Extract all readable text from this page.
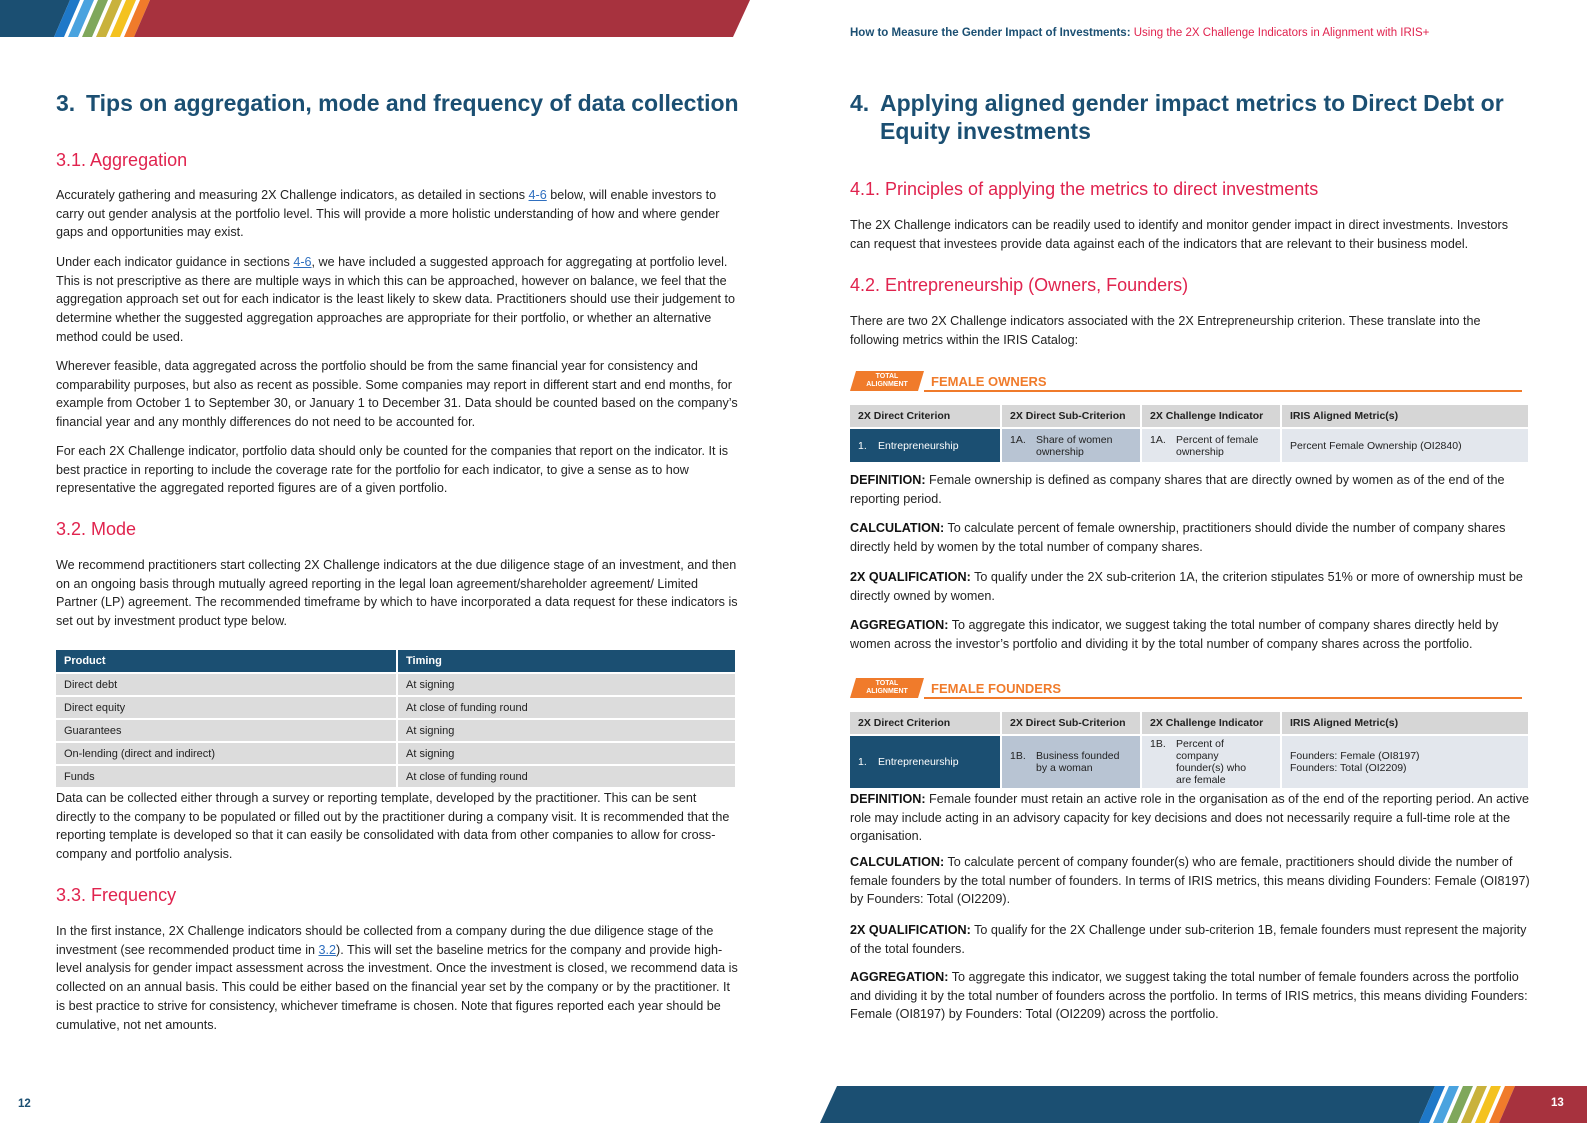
How to Measure the Gender Impact of Investments: Using the 2X Challenge Indicators in Alignment with IRIS+
3. Tips on aggregation, mode and frequency of data collection
3.1. Aggregation

Accurately gathering and measuring 2X Challenge indicators, as detailed in sections 4-6 below, will enable investors to carry out gender analysis at the portfolio level. This will provide a more holistic understanding of how and where gender gaps and opportunities may exist.

Under each indicator guidance in sections 4-6, we have included a suggested approach for aggregating at portfolio level. This is not prescriptive as there are multiple ways in which this can be approached, however on balance, we feel that the aggregation approach set out for each indicator is the least likely to skew data. Practitioners should use their judgement to determine whether the suggested aggregation approaches are appropriate for their portfolio, or whether an alternative method could be used.

Wherever feasible, data aggregated across the portfolio should be from the same financial year for consistency and comparability purposes, but also as recent as possible. Some companies may report in different start and end months, for example from October 1 to September 30, or January 1 to December 31. Data should be counted based on the company’s financial year and any monthly differences do not need to be accounted for.

For each 2X Challenge indicator, portfolio data should only be counted for the companies that report on the indicator. It is best practice in reporting to include the coverage rate for the portfolio for each indicator, to give a sense as to how representative the aggregated reported figures are of a given portfolio.

3.2. Mode

We recommend practitioners start collecting 2X Challenge indicators at the due diligence stage of an investment, and then on an ongoing basis through mutually agreed reporting in the legal loan agreement/shareholder agreement/ Limited Partner (LP) agreement. The recommended timeframe by which to have incorporated a data request for these indicators is set out by investment product type below.

Product	Timing
Direct debt	At signing
Direct equity	At close of funding round
Guarantees	At signing
On-lending (direct and indirect)	At signing
Funds	At close of funding round

Data can be collected either through a survey or reporting template, developed by the practitioner. This can be sent directly to the company to be populated or filled out by the practitioner during a company visit. It is recommended that the reporting template is developed so that it can easily be consolidated with data from other companies to allow for cross-company and portfolio analysis.

3.3. Frequency

In the first instance, 2X Challenge indicators should be collected from a company during the due diligence stage of the investment (see recommended product time in 3.2). This will set the baseline metrics for the company and provide high-level analysis for gender impact assessment across the investment. Once the investment is closed, we recommend data is collected on an annual basis. This could be either based on the financial year set by the company or by the practitioner. It is best practice to strive for consistency, whichever timeframe is chosen. Note that figures reported each year should be cumulative, not net amounts.

12
4. Applying aligned gender impact metrics to Direct Debt or Equity investments
4.1. Principles of applying the metrics to direct investments

The 2X Challenge indicators can be readily used to identify and monitor gender impact in direct investments. Investors can request that investees provide data against each of the indicators that are relevant to their business model.

4.2. Entrepreneurship (Owners, Founders)

There are two 2X Challenge indicators associated with the 2X Entrepreneurship criterion. These translate into the following metrics within the IRIS Catalog:

TOTAL
ALIGNMENT	FEMALE OWNERS
2X Direct Criterion	2X Direct Sub-Criterion	2X Challenge Indicator	IRIS Aligned Metric(s)
1. Entrepreneurship	1A. Share of women ownership	1A. Percent of female ownership	Percent Female Ownership (OI2840)

DEFINITION: Female ownership is defined as company shares that are directly owned by women as of the end of the reporting period.

CALCULATION: To calculate percent of female ownership, practitioners should divide the number of company shares directly held by women by the total number of company shares.

2X QUALIFICATION: To qualify under the 2X sub-criterion 1A, the criterion stipulates 51% or more of ownership must be directly owned by women.

AGGREGATION: To aggregate this indicator, we suggest taking the total number of company shares directly held by women across the investor’s portfolio and dividing it by the total number of company shares across the portfolio.

TOTAL
ALIGNMENT	FEMALE FOUNDERS
2X Direct Criterion	2X Direct Sub-Criterion	2X Challenge Indicator	IRIS Aligned Metric(s)
1. Entrepreneurship	1B. Business founded by a woman	1B. Percent of company founder(s) who are female	Founders: Female (OI8197)
Founders: Total (OI2209)

DEFINITION: Female founder must retain an active role in the organisation as of the end of the reporting period. An active role may include acting in an advisory capacity for key decisions and does not necessarily require a full-time role at the organisation.

CALCULATION: To calculate percent of company founder(s) who are female, practitioners should divide the number of female founders by the total number of founders. In terms of IRIS metrics, this means dividing Founders: Female (OI8197) by Founders: Total (OI2209).

2X QUALIFICATION: To qualify for the 2X Challenge under sub-criterion 1B, female founders must represent the majority of the total founders.

AGGREGATION: To aggregate this indicator, we suggest taking the total number of female founders across the portfolio and dividing it by the total number of founders across the portfolio. In terms of IRIS metrics, this means dividing Founders: Female (OI8197) by Founders: Total (OI2209) across the portfolio.

13
